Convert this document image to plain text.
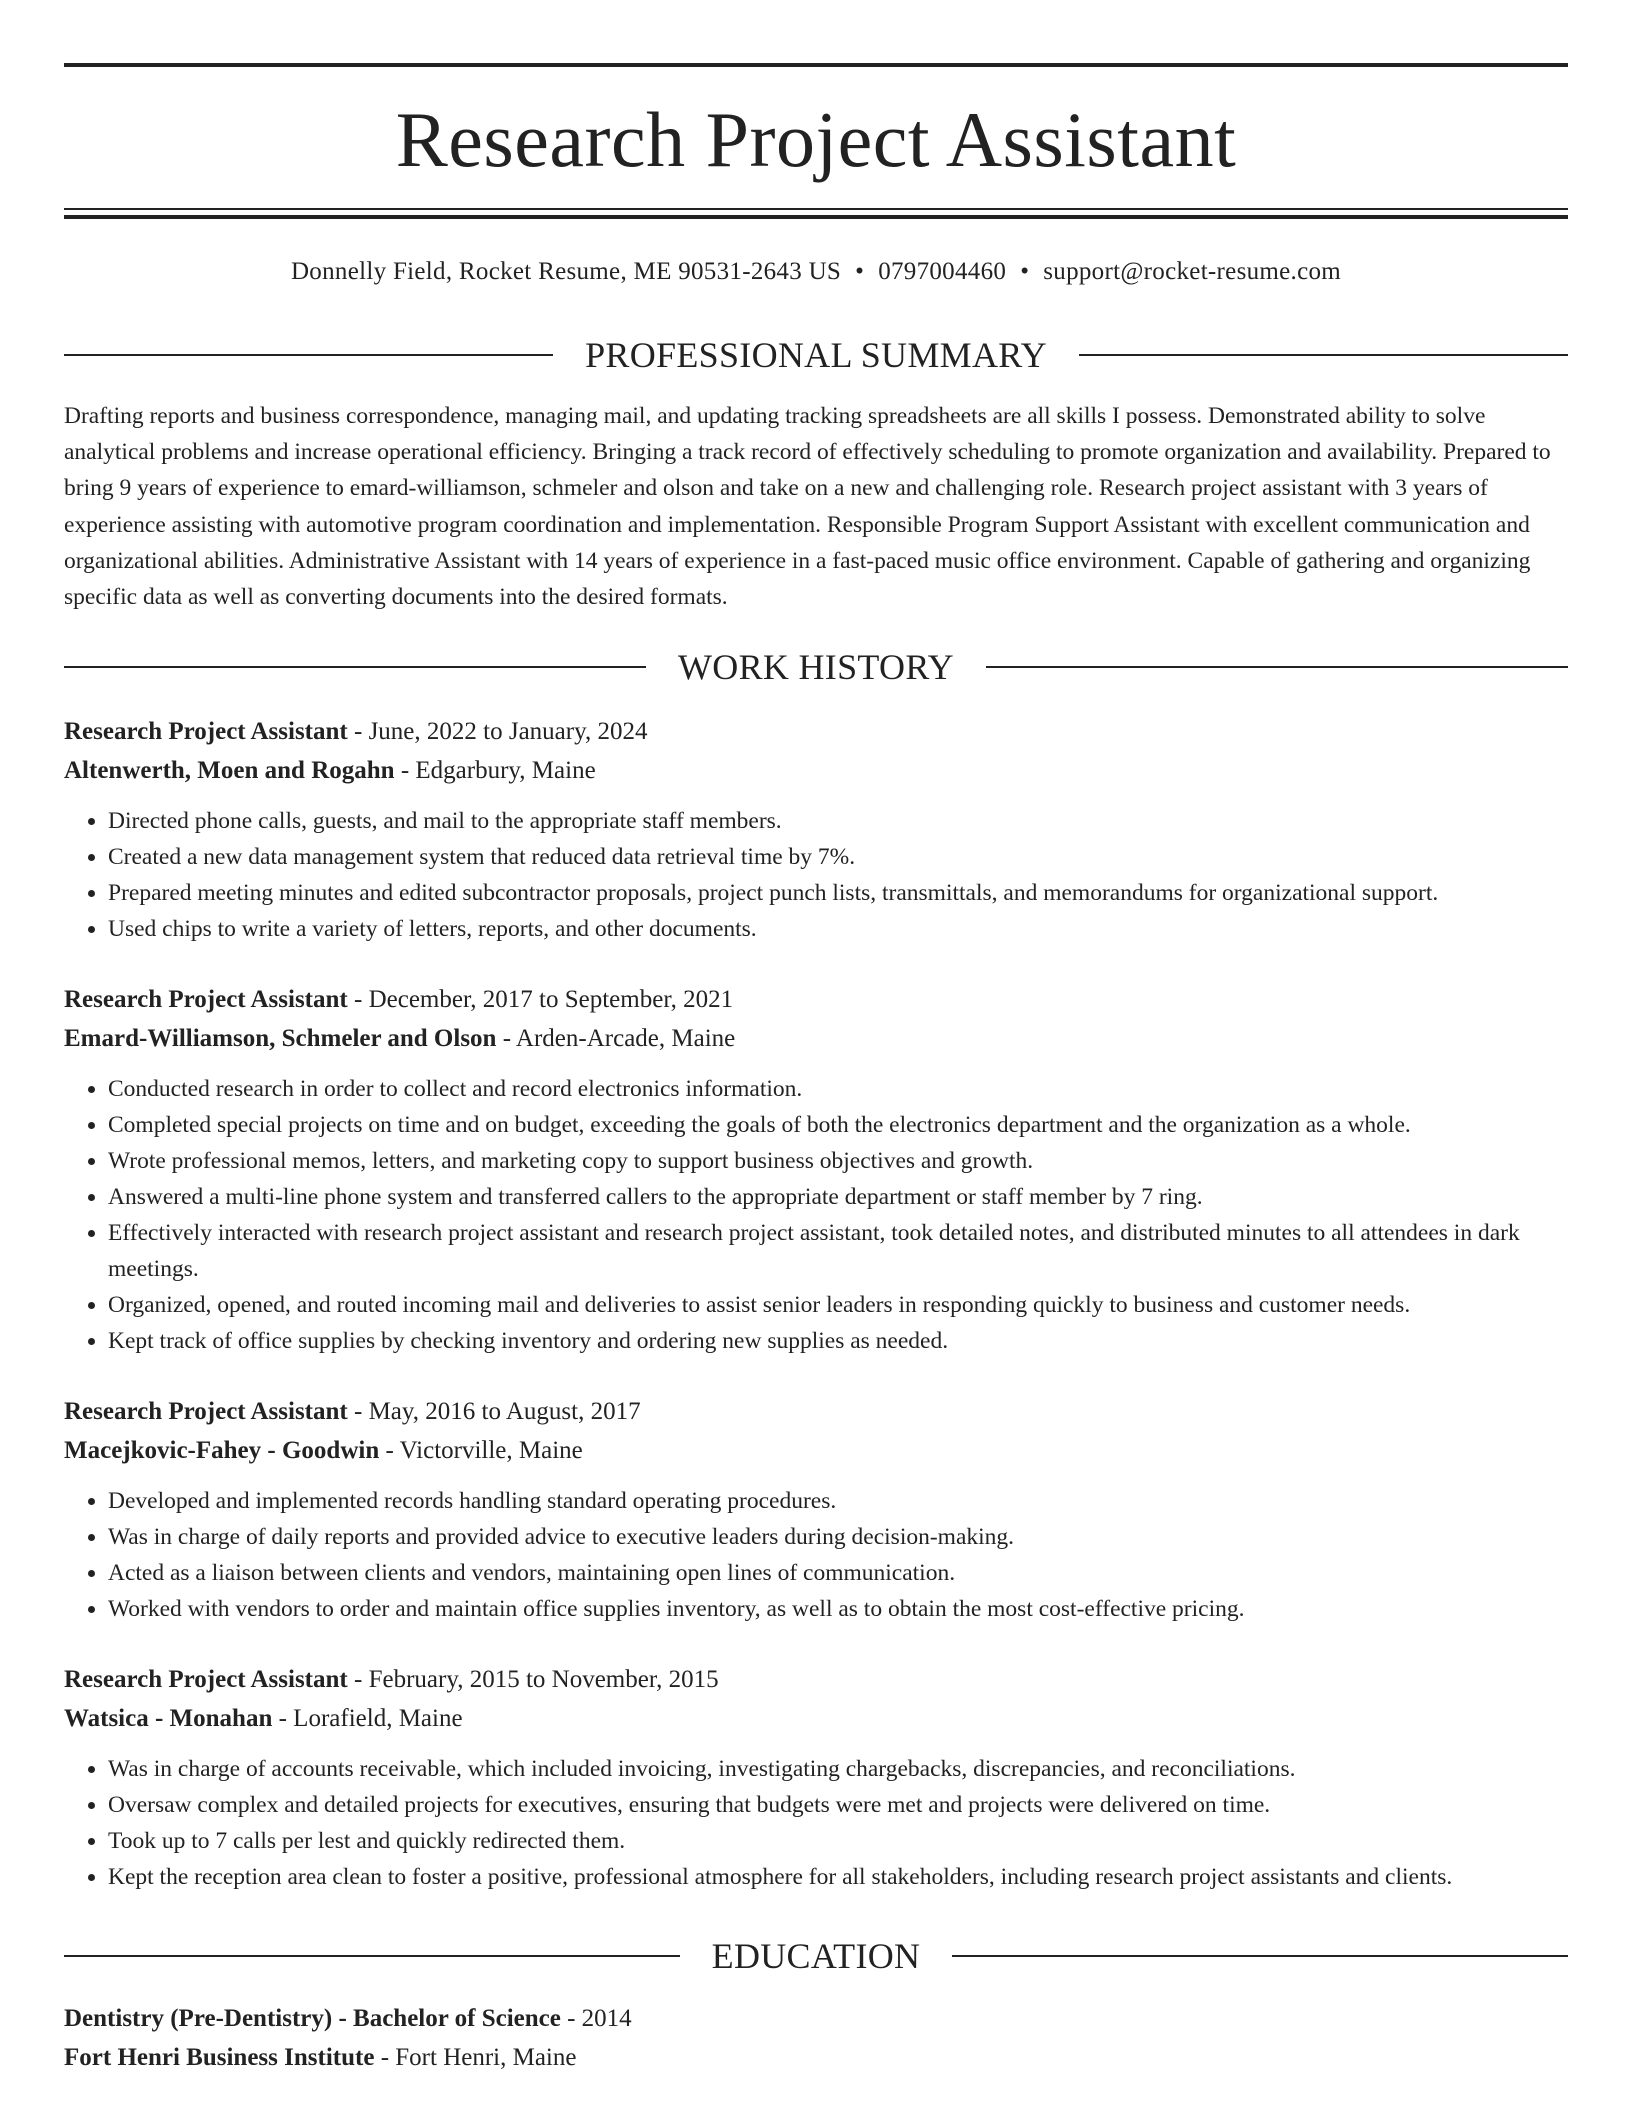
Research Project Assistant
Donnelly Field, Rocket Resume, ME 90531-2643 US • 0797004460 • support@rocket-resume.com
PROFESSIONAL SUMMARY

Drafting reports and business correspondence, managing mail, and updating tracking spreadsheets are all skills I possess. Demonstrated ability to solve analytical problems and increase operational efficiency. Bringing a track record of effectively scheduling to promote organization and availability. Prepared to bring 9 years of experience to emard-williamson, schmeler and olson and take on a new and challenging role. Research project assistant with 3 years of experience assisting with automotive program coordination and implementation. Responsible Program Support Assistant with excellent communication and organizational abilities. Administrative Assistant with 14 years of experience in a fast-paced music office environment. Capable of gathering and organizing specific data as well as converting documents into the desired formats.

WORK HISTORY
Research Project Assistant - June, 2022 to January, 2024
Altenwerth, Moen and Rogahn - Edgarbury, Maine
• Directed phone calls, guests, and mail to the appropriate staff members.
• Created a new data management system that reduced data retrieval time by 7%.
• Prepared meeting minutes and edited subcontractor proposals, project punch lists, transmittals, and memorandums for organizational support.
• Used chips to write a variety of letters, reports, and other documents.
Research Project Assistant - December, 2017 to September, 2021
Emard-Williamson, Schmeler and Olson - Arden-Arcade, Maine
• Conducted research in order to collect and record electronics information.
• Completed special projects on time and on budget, exceeding the goals of both the electronics department and the organization as a whole.
• Wrote professional memos, letters, and marketing copy to support business objectives and growth.
• Answered a multi-line phone system and transferred callers to the appropriate department or staff member by 7 ring.
• Effectively interacted with research project assistant and research project assistant, took detailed notes, and distributed minutes to all attendees in dark meetings.
• Organized, opened, and routed incoming mail and deliveries to assist senior leaders in responding quickly to business and customer needs.
• Kept track of office supplies by checking inventory and ordering new supplies as needed.
Research Project Assistant - May, 2016 to August, 2017
Macejkovic-Fahey - Goodwin - Victorville, Maine
• Developed and implemented records handling standard operating procedures.
• Was in charge of daily reports and provided advice to executive leaders during decision-making.
• Acted as a liaison between clients and vendors, maintaining open lines of communication.
• Worked with vendors to order and maintain office supplies inventory, as well as to obtain the most cost-effective pricing.
Research Project Assistant - February, 2015 to November, 2015
Watsica - Monahan - Lorafield, Maine
• Was in charge of accounts receivable, which included invoicing, investigating chargebacks, discrepancies, and reconciliations.
• Oversaw complex and detailed projects for executives, ensuring that budgets were met and projects were delivered on time.
• Took up to 7 calls per lest and quickly redirected them.
• Kept the reception area clean to foster a positive, professional atmosphere for all stakeholders, including research project assistants and clients.
EDUCATION
Dentistry (Pre-Dentistry) - Bachelor of Science - 2014
Fort Henri Business Institute - Fort Henri, Maine
